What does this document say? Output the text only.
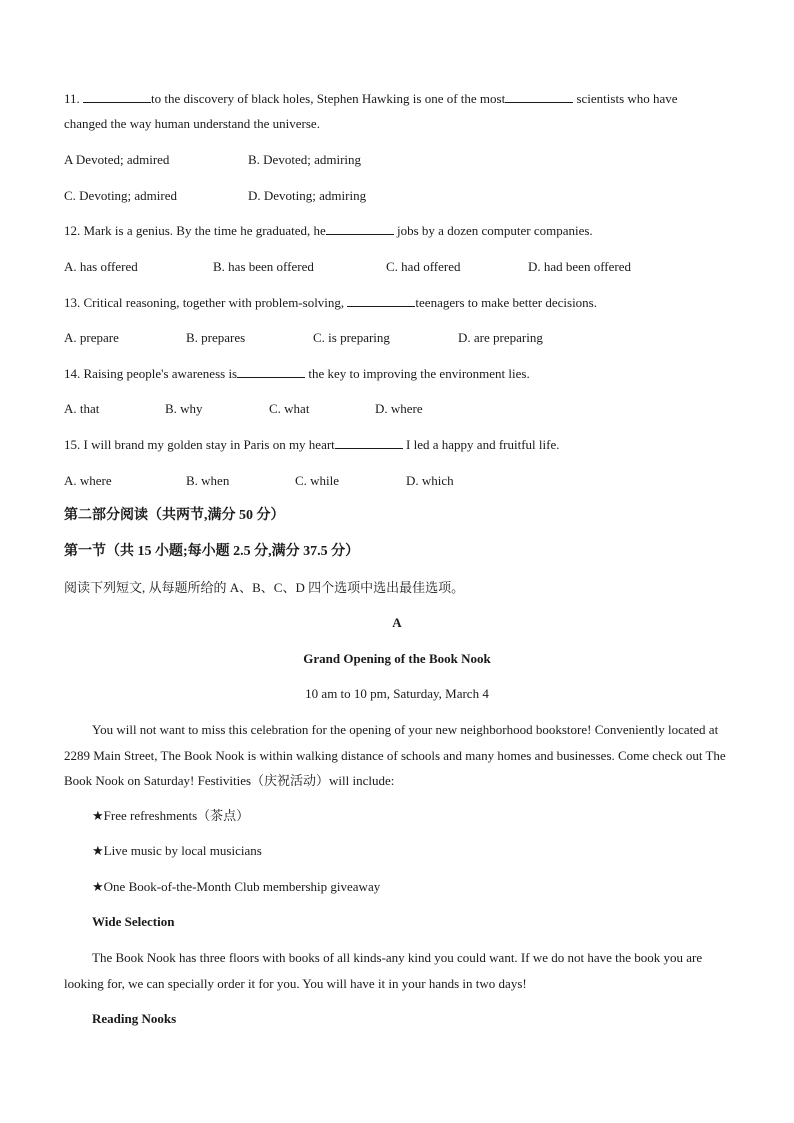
11.	to the discovery of black holes, Stephen Hawking is one of the most	scientists who have
changed the way human understand the universe.
A Devoted; admired	B. Devoted; admiring
C. Devoting; admired	D. Devoting; admiring
12. Mark is a genius. By the time he graduated, he	jobs by a dozen computer companies.
A. has offered	B. has been offered	C. had offered	D. had been offered
13. Critical reasoning, together with problem-solving,	teenagers to make better decisions.
A. prepare	B. prepares	C. is preparing	D. are preparing
14. Raising people's awareness is	the key to improving the environment lies.
A. that	B. why	C. what	D. where
15. I will brand my golden stay in Paris on my heart	I led a happy and fruitful life.
A. where	B. when	C. while	D. which
第二部分阅读（共两节,满分 50 分）
第一节（共 15 小题;每小题 2.5 分,满分 37.5 分）
阅读下列短文, 从每题所给的 A、B、C、D 四个选项中选出最佳选项。
A
Grand Opening of the Book Nook
10 am to 10 pm, Saturday, March 4
You will not want to miss this celebration for the opening of your new neighborhood bookstore! Conveniently located at 2289 Main Street, The Book Nook is within walking distance of schools and many homes and businesses. Come check out The Book Nook on Saturday! Festivities（庆祝活动）will include:
★Free refreshments（茶点）
★Live music by local musicians
★One Book-of-the-Month Club membership giveaway
Wide Selection
The Book Nook has three floors with books of all kinds-any kind you could want. If we do not have the book you are looking for, we can specially order it for you. You will have it in your hands in two days!
Reading Nooks
